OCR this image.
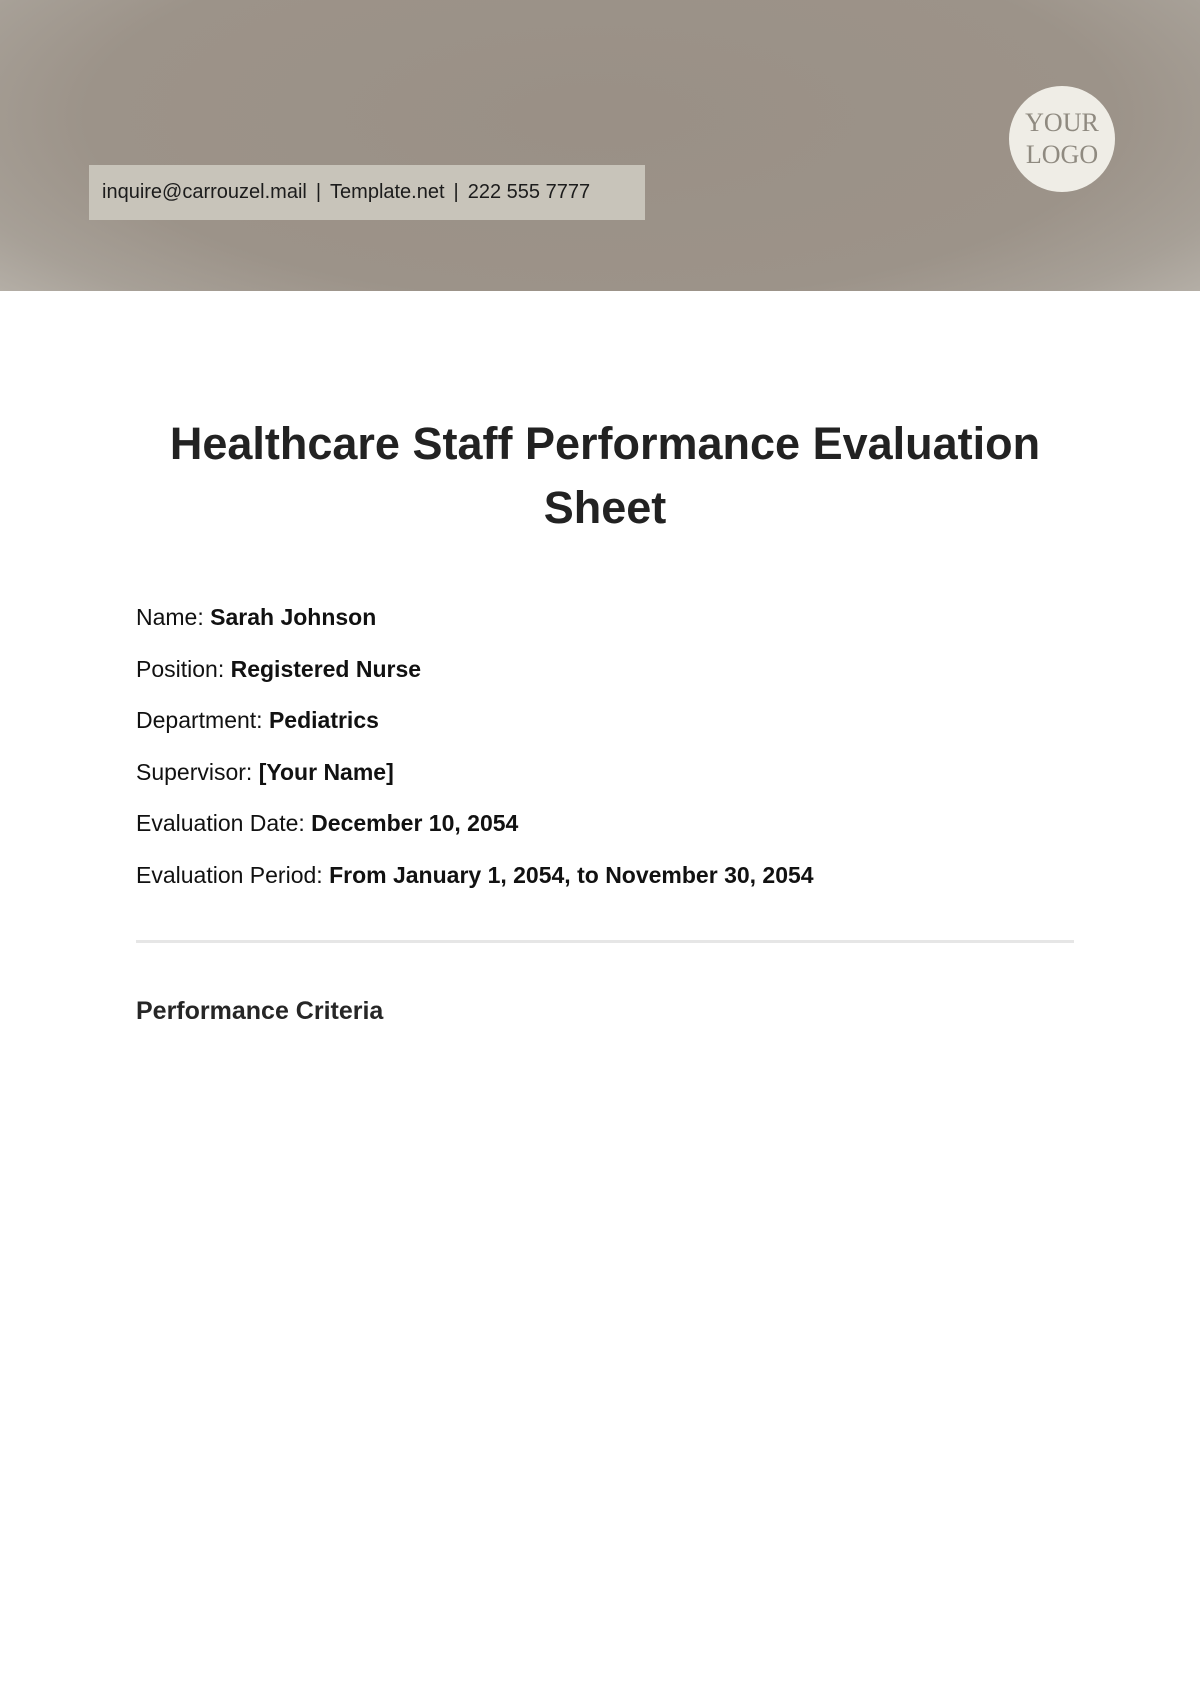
inquire@carrouzel.mail | Template.net | 222 555 7777
YOUR
LOGO
Healthcare Staff Performance Evaluation Sheet
Name: Sarah Johnson
Position: Registered Nurse
Department: Pediatrics
Supervisor: [Your Name]
Evaluation Date: December 10, 2054
Evaluation Period: From January 1, 2054, to November 30, 2054
Performance Criteria
